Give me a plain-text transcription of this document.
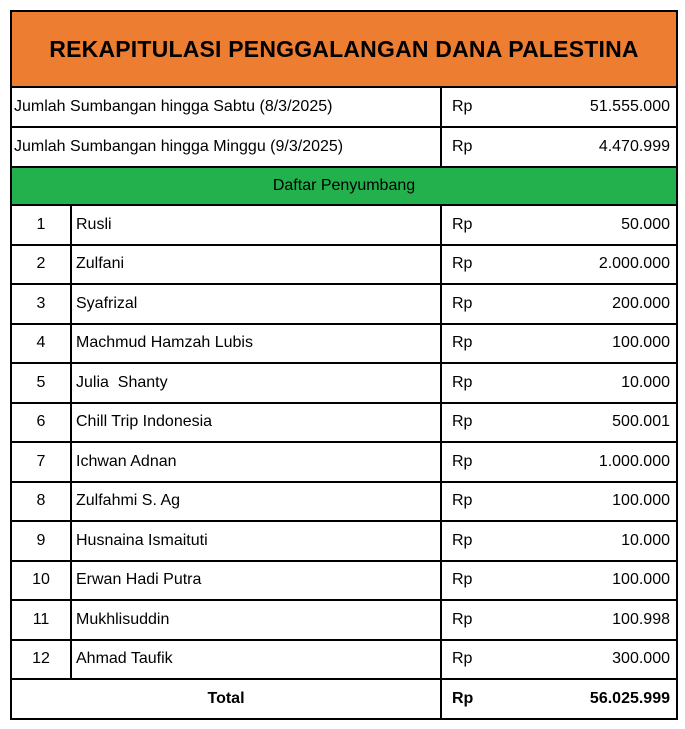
REKAPITULASI PENGGALANGAN DANA PALESTINA
Jumlah Sumbangan hingga Sabtu (8/3/2025)	Rp	51.555.000
Jumlah Sumbangan hingga Minggu (9/3/2025)	Rp	4.470.999
Daftar Penyumbang
1	Rusli	Rp	50.000
2	Zulfani	Rp	2.000.000
3	Syafrizal	Rp	200.000
4	Machmud Hamzah Lubis	Rp	100.000
5	Julia  Shanty	Rp	10.000
6	Chill Trip Indonesia	Rp	500.001
7	Ichwan Adnan	Rp	1.000.000
8	Zulfahmi S. Ag	Rp	100.000
9	Husnaina Ismaituti	Rp	10.000
10	Erwan Hadi Putra	Rp	100.000
11	Mukhlisuddin	Rp	100.998
12	Ahmad Taufik	Rp	300.000
Total	Rp	56.025.999
